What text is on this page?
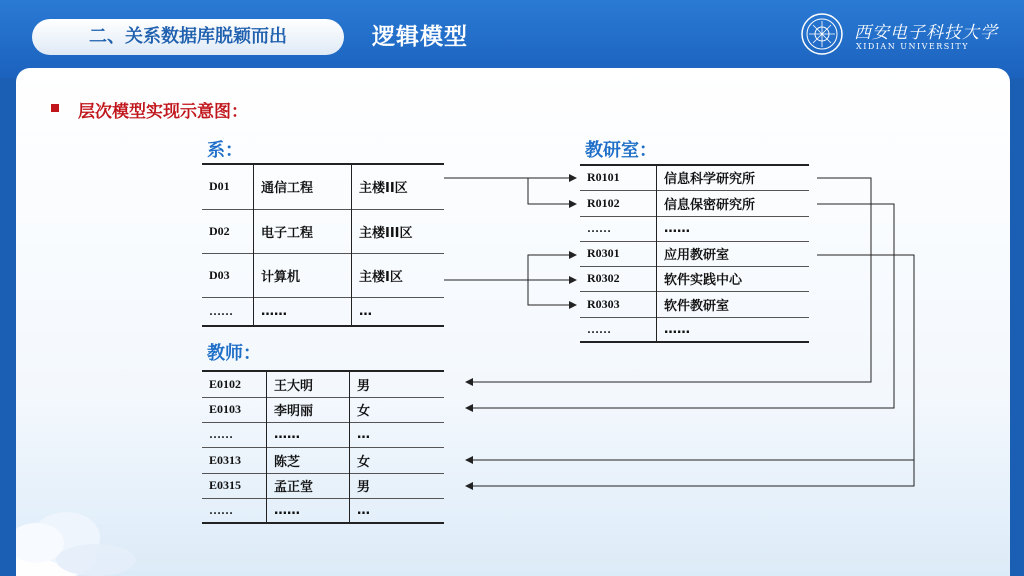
二、关系数据库脱颖而出	逻辑模型	西安电子科技大学
XIDIAN UNIVERSITY
层次模型实现示意图：
系：
D01	通信工程	主楼II区
D02	电子工程	主楼III区
D03	计算机	主楼I区
……	……	…
教研室：
R0101	信息科学研究所
R0102	信息保密研究所
……	……
R0301	应用教研室
R0302	软件实践中心
R0303	软件教研室
……	……
教师：
E0102	王大明	男
E0103	李明丽	女
……	……	…
E0313	陈芝	女
E0315	孟正堂	男
……	……	…
